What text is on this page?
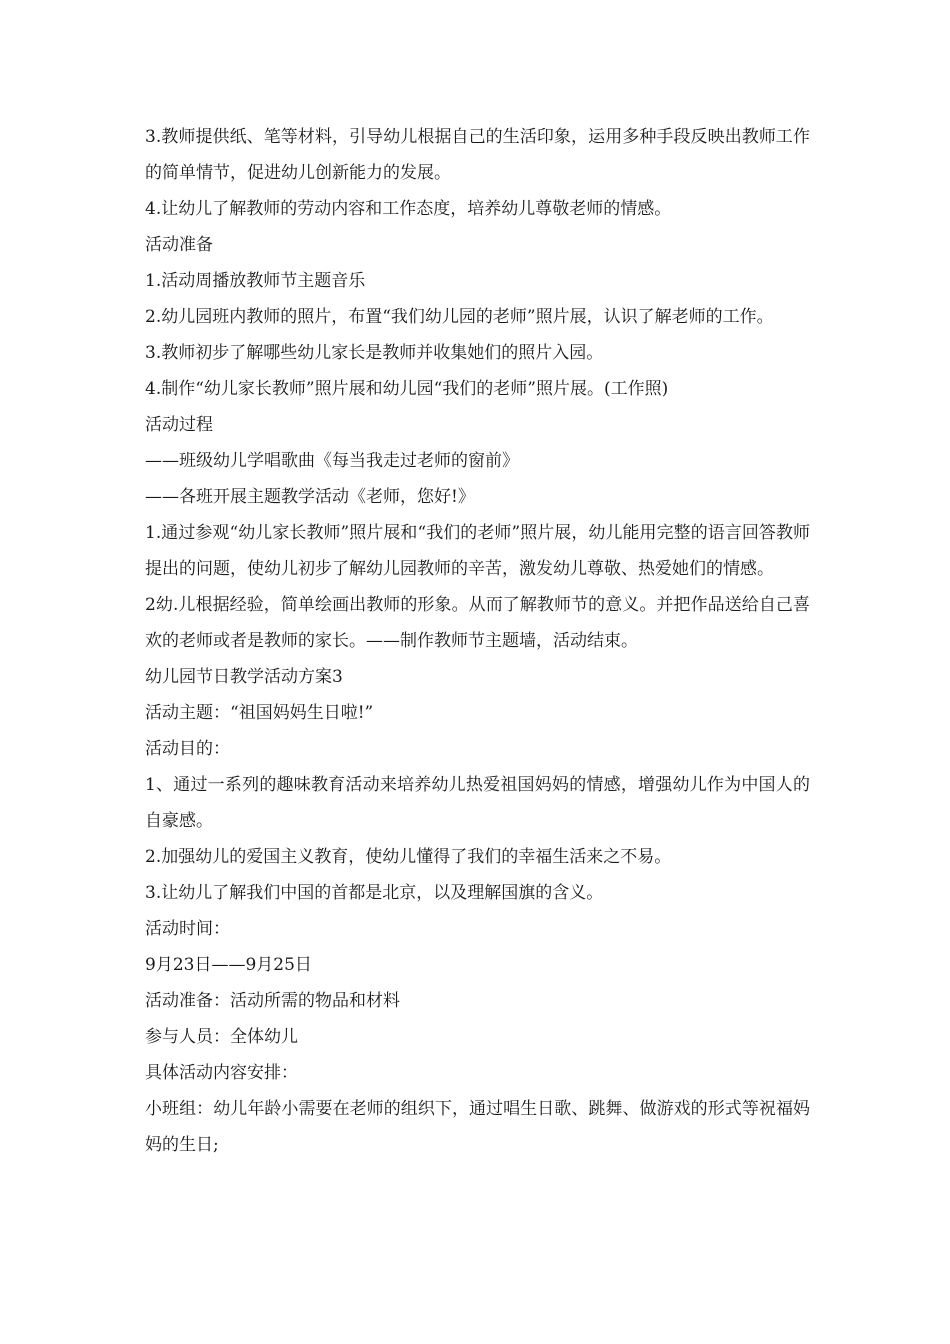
3.教师提供纸、笔等材料，引导幼儿根据自己的生活印象，运用多种手段反映出教师工作的简单情节，促进幼儿创新能力的发展。

4.让幼儿了解教师的劳动内容和工作态度，培养幼儿尊敬老师的情感。

活动准备

1.活动周播放教师节主题音乐

2.幼儿园班内教师的照片，布置“我们幼儿园的老师”照片展，认识了解老师的工作。

3.教师初步了解哪些幼儿家长是教师并收集她们的照片入园。

4.制作“幼儿家长教师”照片展和幼儿园“我们的老师”照片展。(工作照)

活动过程

——班级幼儿学唱歌曲《每当我走过老师的窗前》

——各班开展主题教学活动《老师，您好!》

1.通过参观“幼儿家长教师”照片展和“我们的老师”照片展，幼儿能用完整的语言回答教师提出的问题，使幼儿初步了解幼儿园教师的辛苦，激发幼儿尊敬、热爱她们的情感。

2幼.儿根据经验，简单绘画出教师的形象。从而了解教师节的意义。并把作品送给自己喜欢的老师或者是教师的家长。——制作教师节主题墙，活动结束。

幼儿园节日教学活动方案3

活动主题：“祖国妈妈生日啦!”

活动目的：

1、通过一系列的趣味教育活动来培养幼儿热爱祖国妈妈的情感，增强幼儿作为中国人的自豪感。

2.加强幼儿的爱国主义教育，使幼儿懂得了我们的幸福生活来之不易。

3.让幼儿了解我们中国的首都是北京，以及理解国旗的含义。

活动时间：

9月23日——9月25日

活动准备：活动所需的物品和材料

参与人员：全体幼儿

具体活动内容安排：

小班组：幼儿年龄小需要在老师的组织下，通过唱生日歌、跳舞、做游戏的形式等祝福妈妈的生日;
